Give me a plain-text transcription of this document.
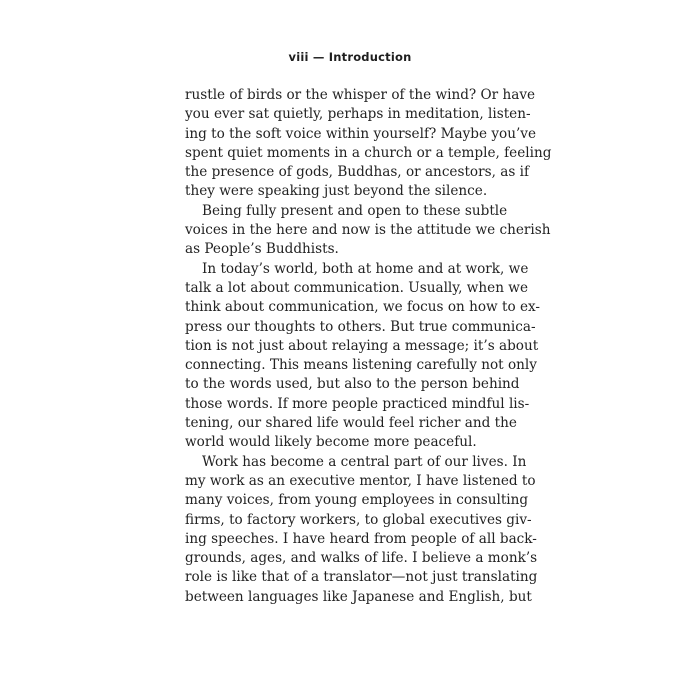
viii — Introduction
rustle of birds or the whisper of the wind? Or have
you ever sat quietly, perhaps in meditation, listen-
ing to the soft voice within yourself? Maybe you’ve
spent quiet moments in a church or a temple, feeling
the presence of gods, Buddhas, or ancestors, as if
they were speaking just beyond the silence.
Being fully present and open to these subtle
voices in the here and now is the attitude we cherish
as People’s Buddhists.
In today’s world, both at home and at work, we
talk a lot about communication. Usually, when we
think about communication, we focus on how to ex-
press our thoughts to others. But true communica-
tion is not just about relaying a message; it’s about
connecting. This means listening carefully not only
to the words used, but also to the person behind
those words. If more people practiced mindful lis-
tening, our shared life would feel richer and the
world would likely become more peaceful.
Work has become a central part of our lives. In
my work as an executive mentor, I have listened to
many voices, from young employees in consulting
firms, to factory workers, to global executives giv-
ing speeches. I have heard from people of all back-
grounds, ages, and walks of life. I believe a monk’s
role is like that of a translator—not just translating
between languages like Japanese and English, but
